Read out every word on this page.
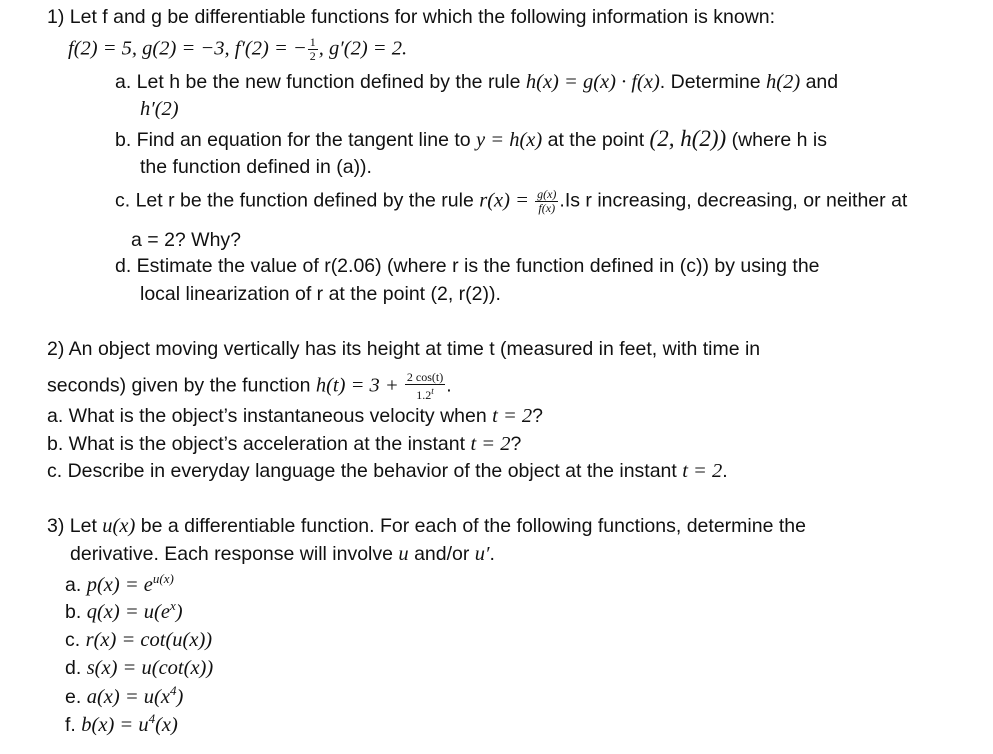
1) Let f and g be differentiable functions for which the following information is known:
f(2) = 5, g(2) = −3, f′(2) = − $\frac{1}{2}$ , g′(2) = 2.
a. Let h be the new function defined by the rule h(x) = g(x) · f(x). Determine h(2) and
h′(2)
b. Find an equation for the tangent line to y = h(x) at the point (2, h(2)) (where h is
the function defined in (a)).
c. Let r be the function defined by the rule $r(x) = \frac{g(x)}{f(x)} .Is$ r increasing, decreasing, or neither at
a = 2? Why?
d. Estimate the value of r(2.06) (where r is the function defined in (c)) by using the
local linearization of r at the point (2, r(2)).
2) An object moving vertically has its height at time t (measured in feet, with time in
seconds) given by the function $h(t) = 3 + \frac{2 \cos(t)}{1.2^t}$ .
a. What is the object’s instantaneous velocity when t = 2?
b. What is the object’s acceleration at the instant t = 2?
c. Describe in everyday language the behavior of the object at the instant t = 2.
3) Let u(x) be a differentiable function. For each of the following functions, determine the
derivative. Each response will involve u and/or u′.
a. $p(x) = e^{u(x)}$
b. $q(x) = u(e^x)$
c. r(x) = cot(u(x))
d. s(x) = u(cot(x))
e. $a(x) = u(x^4)$
f. $b(x) = u^4(x)$
